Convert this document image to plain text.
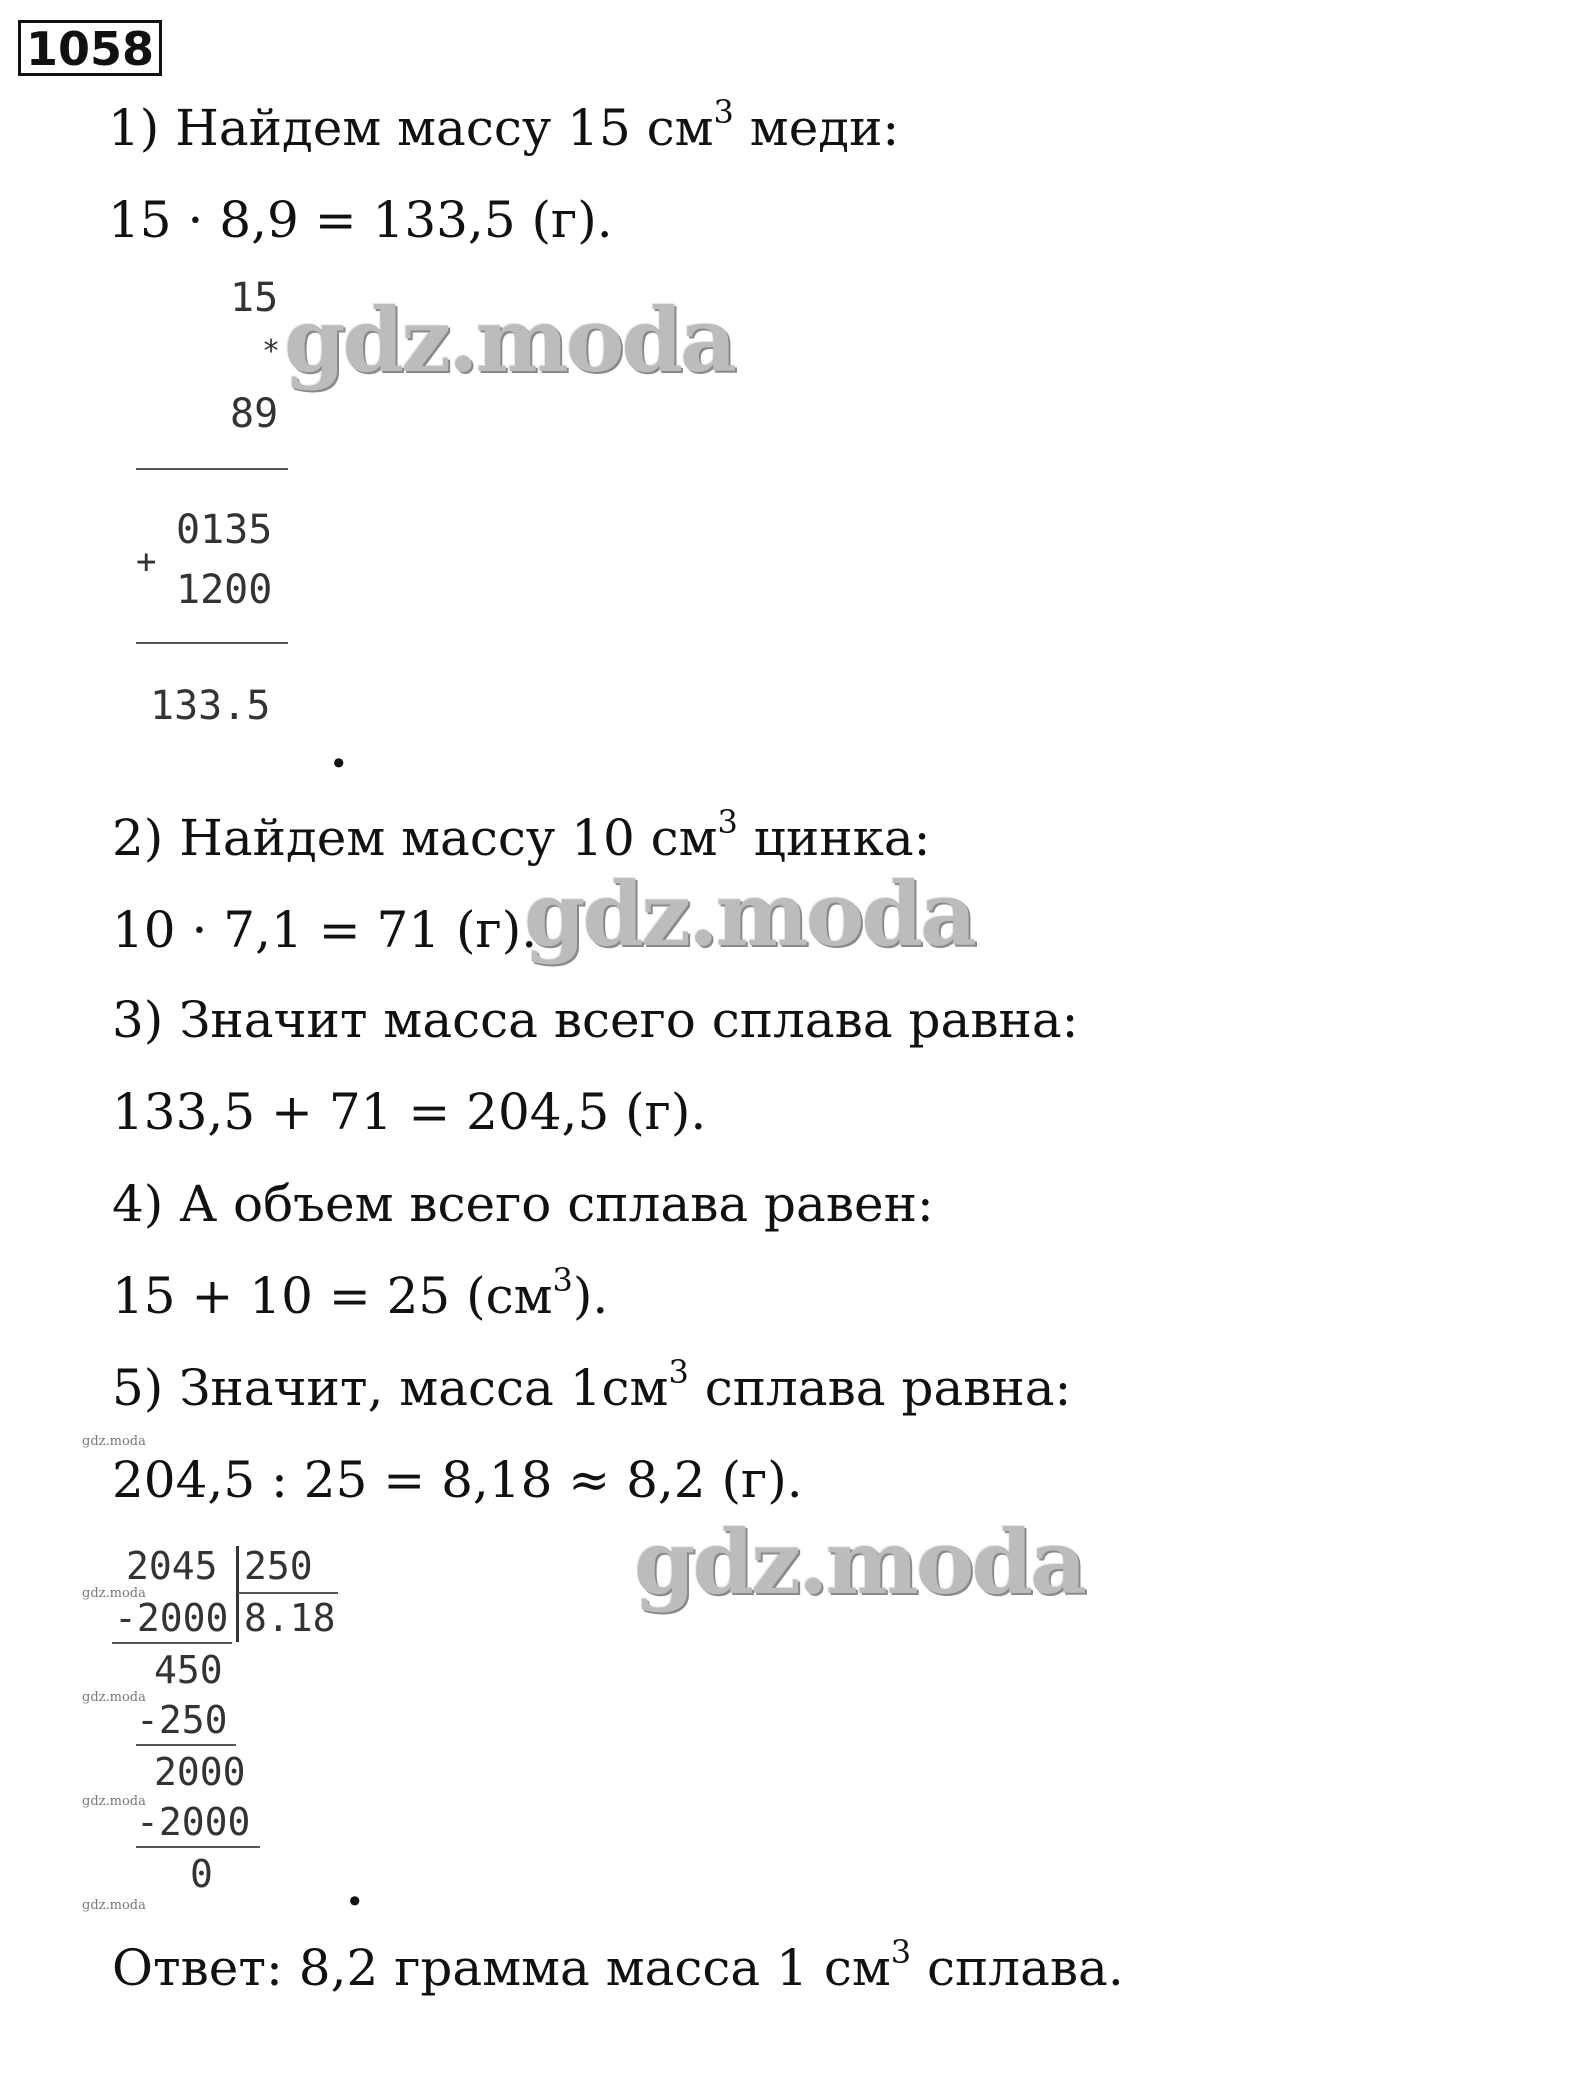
1058
1) Найдем массу 15 $см^3$ меди:
15 · 8,9 = 133,5 (г).
15
*
89
0135
+
1200
133.5
.
gdz.moda
2) Найдем массу 10 $см^3$ цинка:
10 · 7,1 = 71 (г).
gdz.moda
3) Значит масса всего сплава равна:
133,5 + 71 = 204,5 (г).
4) А объем всего сплава равен:
15 + 10 = 25 $(см^3)$.
5) Значит, масса $1см^3$ сплава равна:
gdz.moda
204,5 : 25 = 8,18 ≈ 8,2 (г).
gdz.moda
2045 250
gdz.moda
-2000 8.18
450
gdz.moda
-250
2000
gdz.moda
-2000
0	.
gdz.moda
Ответ: 8,2 грамма масса 1 $см^3$ сплава.
